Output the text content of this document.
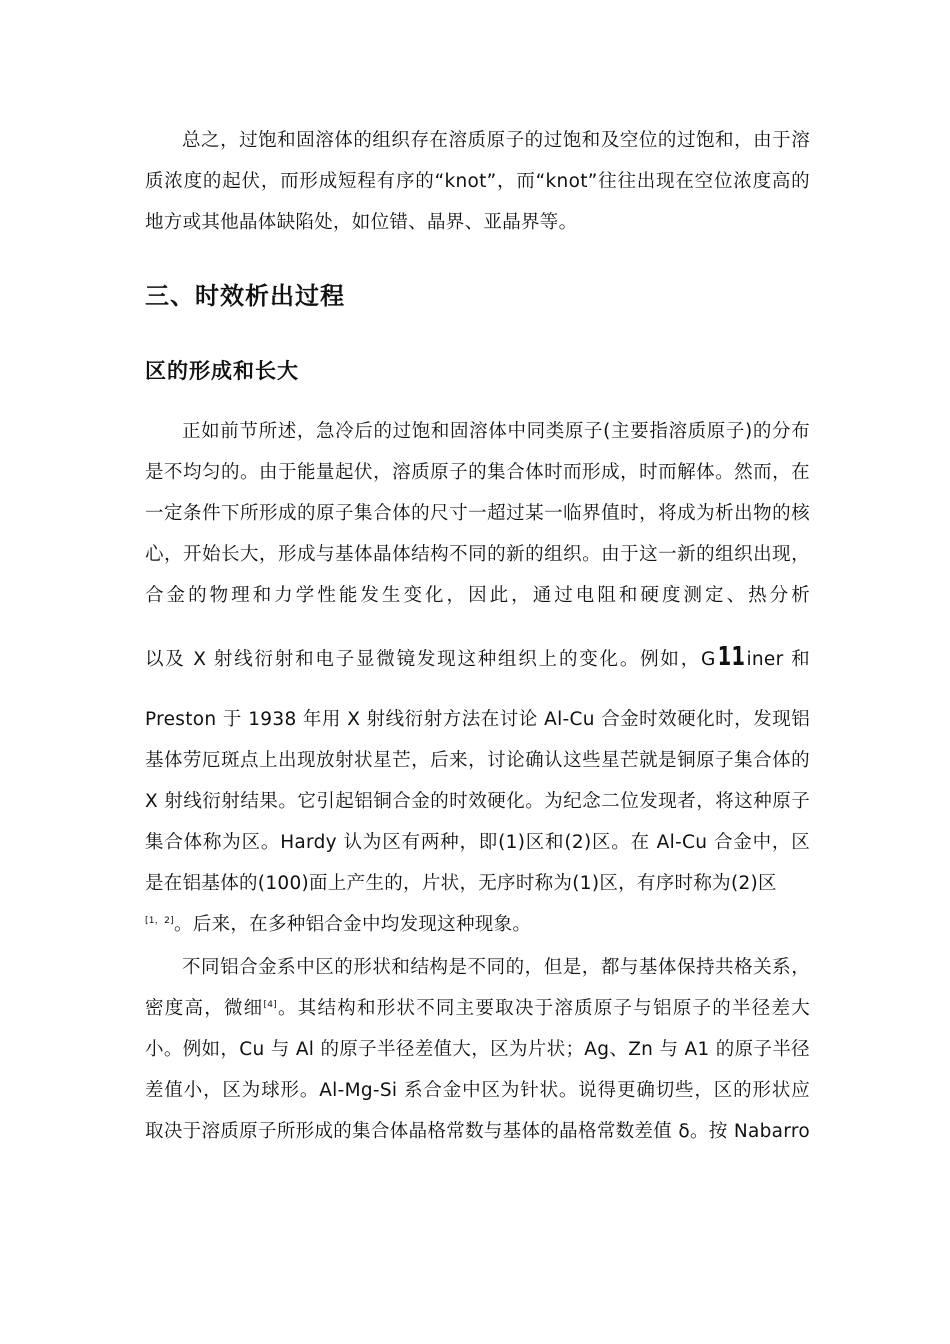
总之，过饱和固溶体的组织存在溶质原子的过饱和及空位的过饱和，由于溶质浓度的起伏，而形成短程有序的“knot”，而“knot”往往出现在空位浓度高的地方或其他晶体缺陷处，如位错、晶界、亚晶界等。

三、时效析出过程
区的形成和长大

正如前节所述，急冷后的过饱和固溶体中同类原子(主要指溶质原子)的分布是不均匀的。由于能量起伏，溶质原子的集合体时而形成，时而解体。然而，在一定条件下所形成的原子集合体的尺寸一超过某一临界值时，将成为析出物的核心，开始长大，形成与基体晶体结构不同的新的组织。由于这一新的组织出现，合金的物理和力学性能发生变化，因此，通过电阻和硬度测定、热分析

以及 X 射线衍射和电子显微镜发现这种组织上的变化。例如，G11iner 和

Preston 于 1938 年用 X 射线衍射方法在讨论 Al-Cu 合金时效硬化时，发现铝基体劳厄斑点上出现放射状星芒，后来，讨论确认这些星芒就是铜原子集合体的 X 射线衍射结果。它引起铝铜合金的时效硬化。为纪念二位发现者，将这种原子集合体称为区。Hardy 认为区有两种，即(1)区和(2)区。在 Al-Cu 合金中，区是在铝基体的(100)面上产生的，片状，无序时称为(1)区，有序时称为(2)区
[1，2]。后来，在多种铝合金中均发现这种现象。

不同铝合金系中区的形状和结构是不同的，但是，都与基体保持共格关系，密度高，微细[4]。其结构和形状不同主要取决于溶质原子与铝原子的半径差大小。例如，Cu 与 Al 的原子半径差值大，区为片状；Ag、Zn 与 A1 的原子半径差值小，区为球形。Al-Mg-Si 系合金中区为针状。说得更确切些，区的形状应取决于溶质原子所形成的集合体晶格常数与基体的晶格常数差值 δ。按 Nabarro
